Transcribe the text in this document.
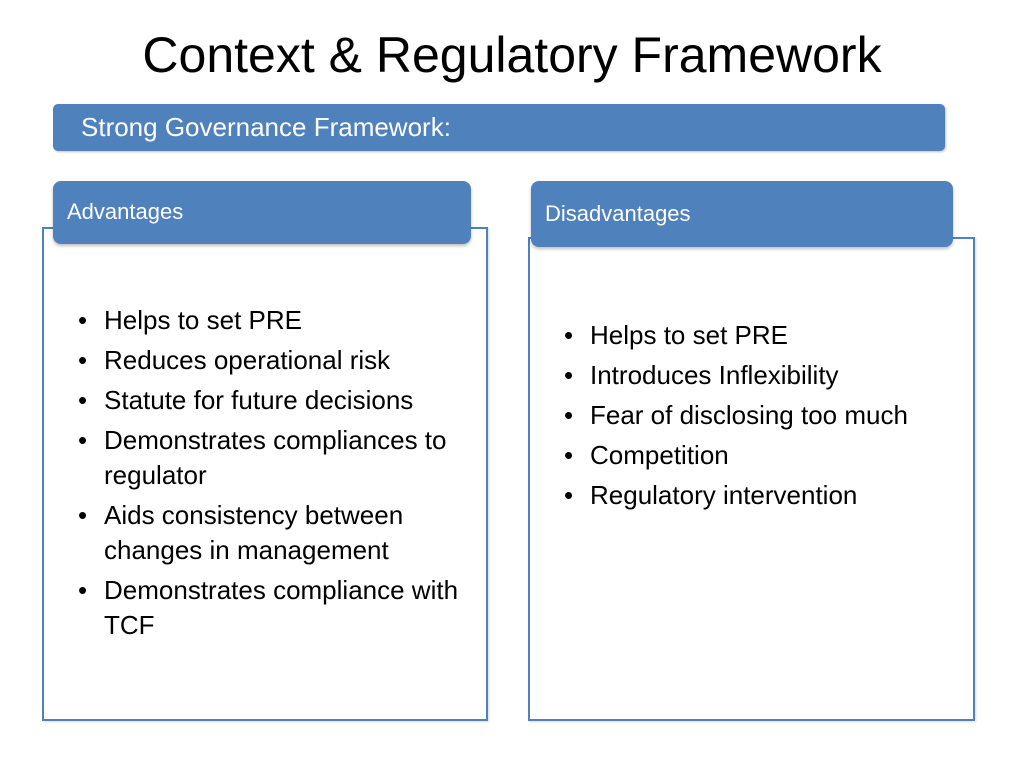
Context & Regulatory Framework
Strong Governance Framework:
Advantages
• Helps to set PRE
• Reduces operational risk
• Statute for future decisions
• Demonstrates compliances to regulator
• Aids consistency between changes in management
• Demonstrates compliance with TCF
Disadvantages
• Helps to set PRE
• Introduces Inflexibility
• Fear of disclosing too much
• Competition
• Regulatory intervention
